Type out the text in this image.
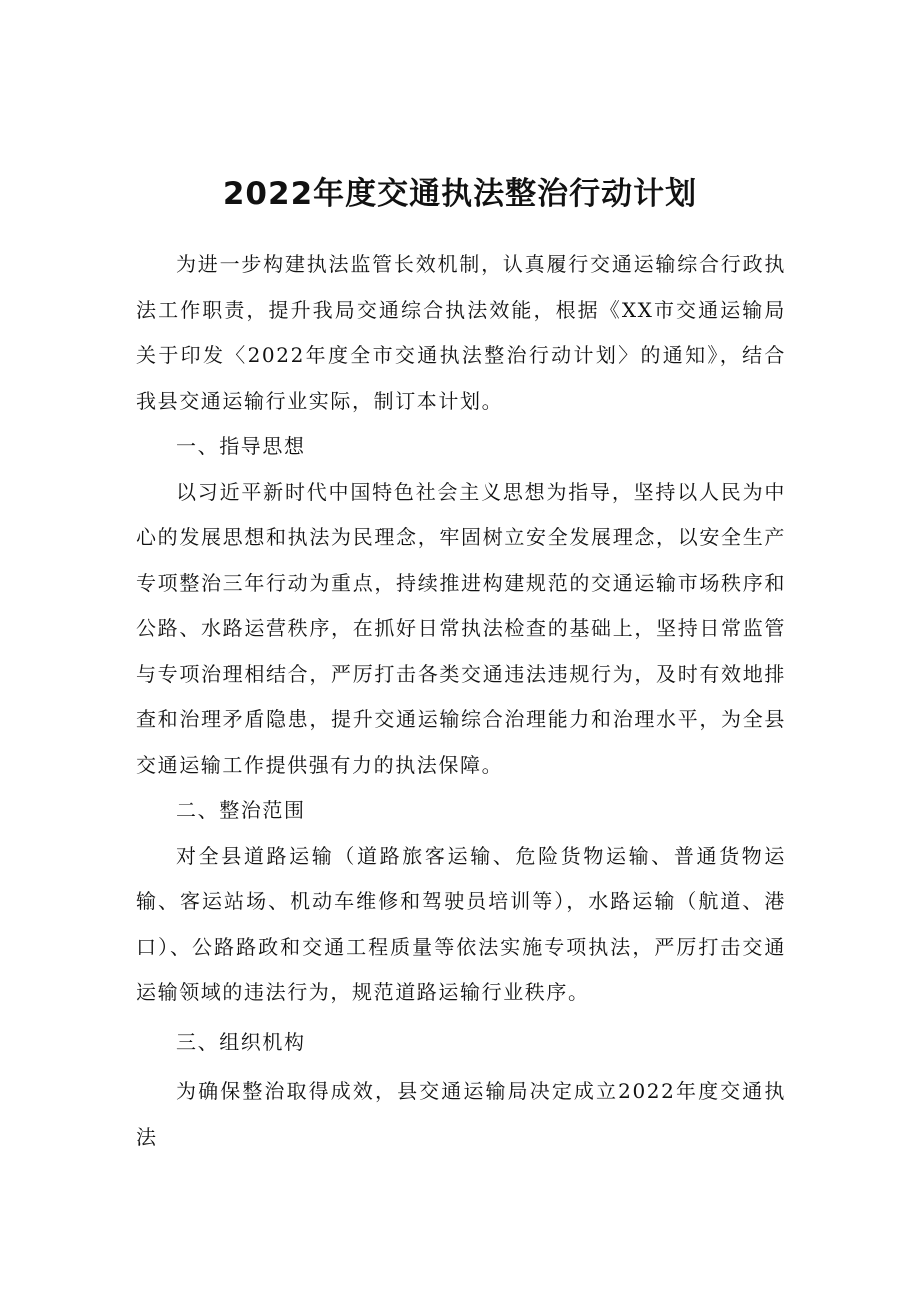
2022年度交通执法整治行动计划

为进一步构建执法监管长效机制，认真履行交通运输综合行政执法工作职责，提升我局交通综合执法效能，根据《XX市交通运输局关于印发〈2022年度全市交通执法整治行动计划〉的通知》，结合我县交通运输行业实际，制订本计划。

一、指导思想

以习近平新时代中国特色社会主义思想为指导，坚持以人民为中心的发展思想和执法为民理念，牢固树立安全发展理念，以安全生产专项整治三年行动为重点，持续推进构建规范的交通运输市场秩序和公路、水路运营秩序，在抓好日常执法检查的基础上，坚持日常监管与专项治理相结合，严厉打击各类交通违法违规行为，及时有效地排查和治理矛盾隐患，提升交通运输综合治理能力和治理水平，为全县交通运输工作提供强有力的执法保障。

二、整治范围

对全县道路运输（道路旅客运输、危险货物运输、普通货物运输、客运站场、机动车维修和驾驶员培训等），水路运输（航道、港口）、公路路政和交通工程质量等依法实施专项执法，严厉打击交通运输领域的违法行为，规范道路运输行业秩序。

三、组织机构

为确保整治取得成效，县交通运输局决定成立2022年度交通执法
